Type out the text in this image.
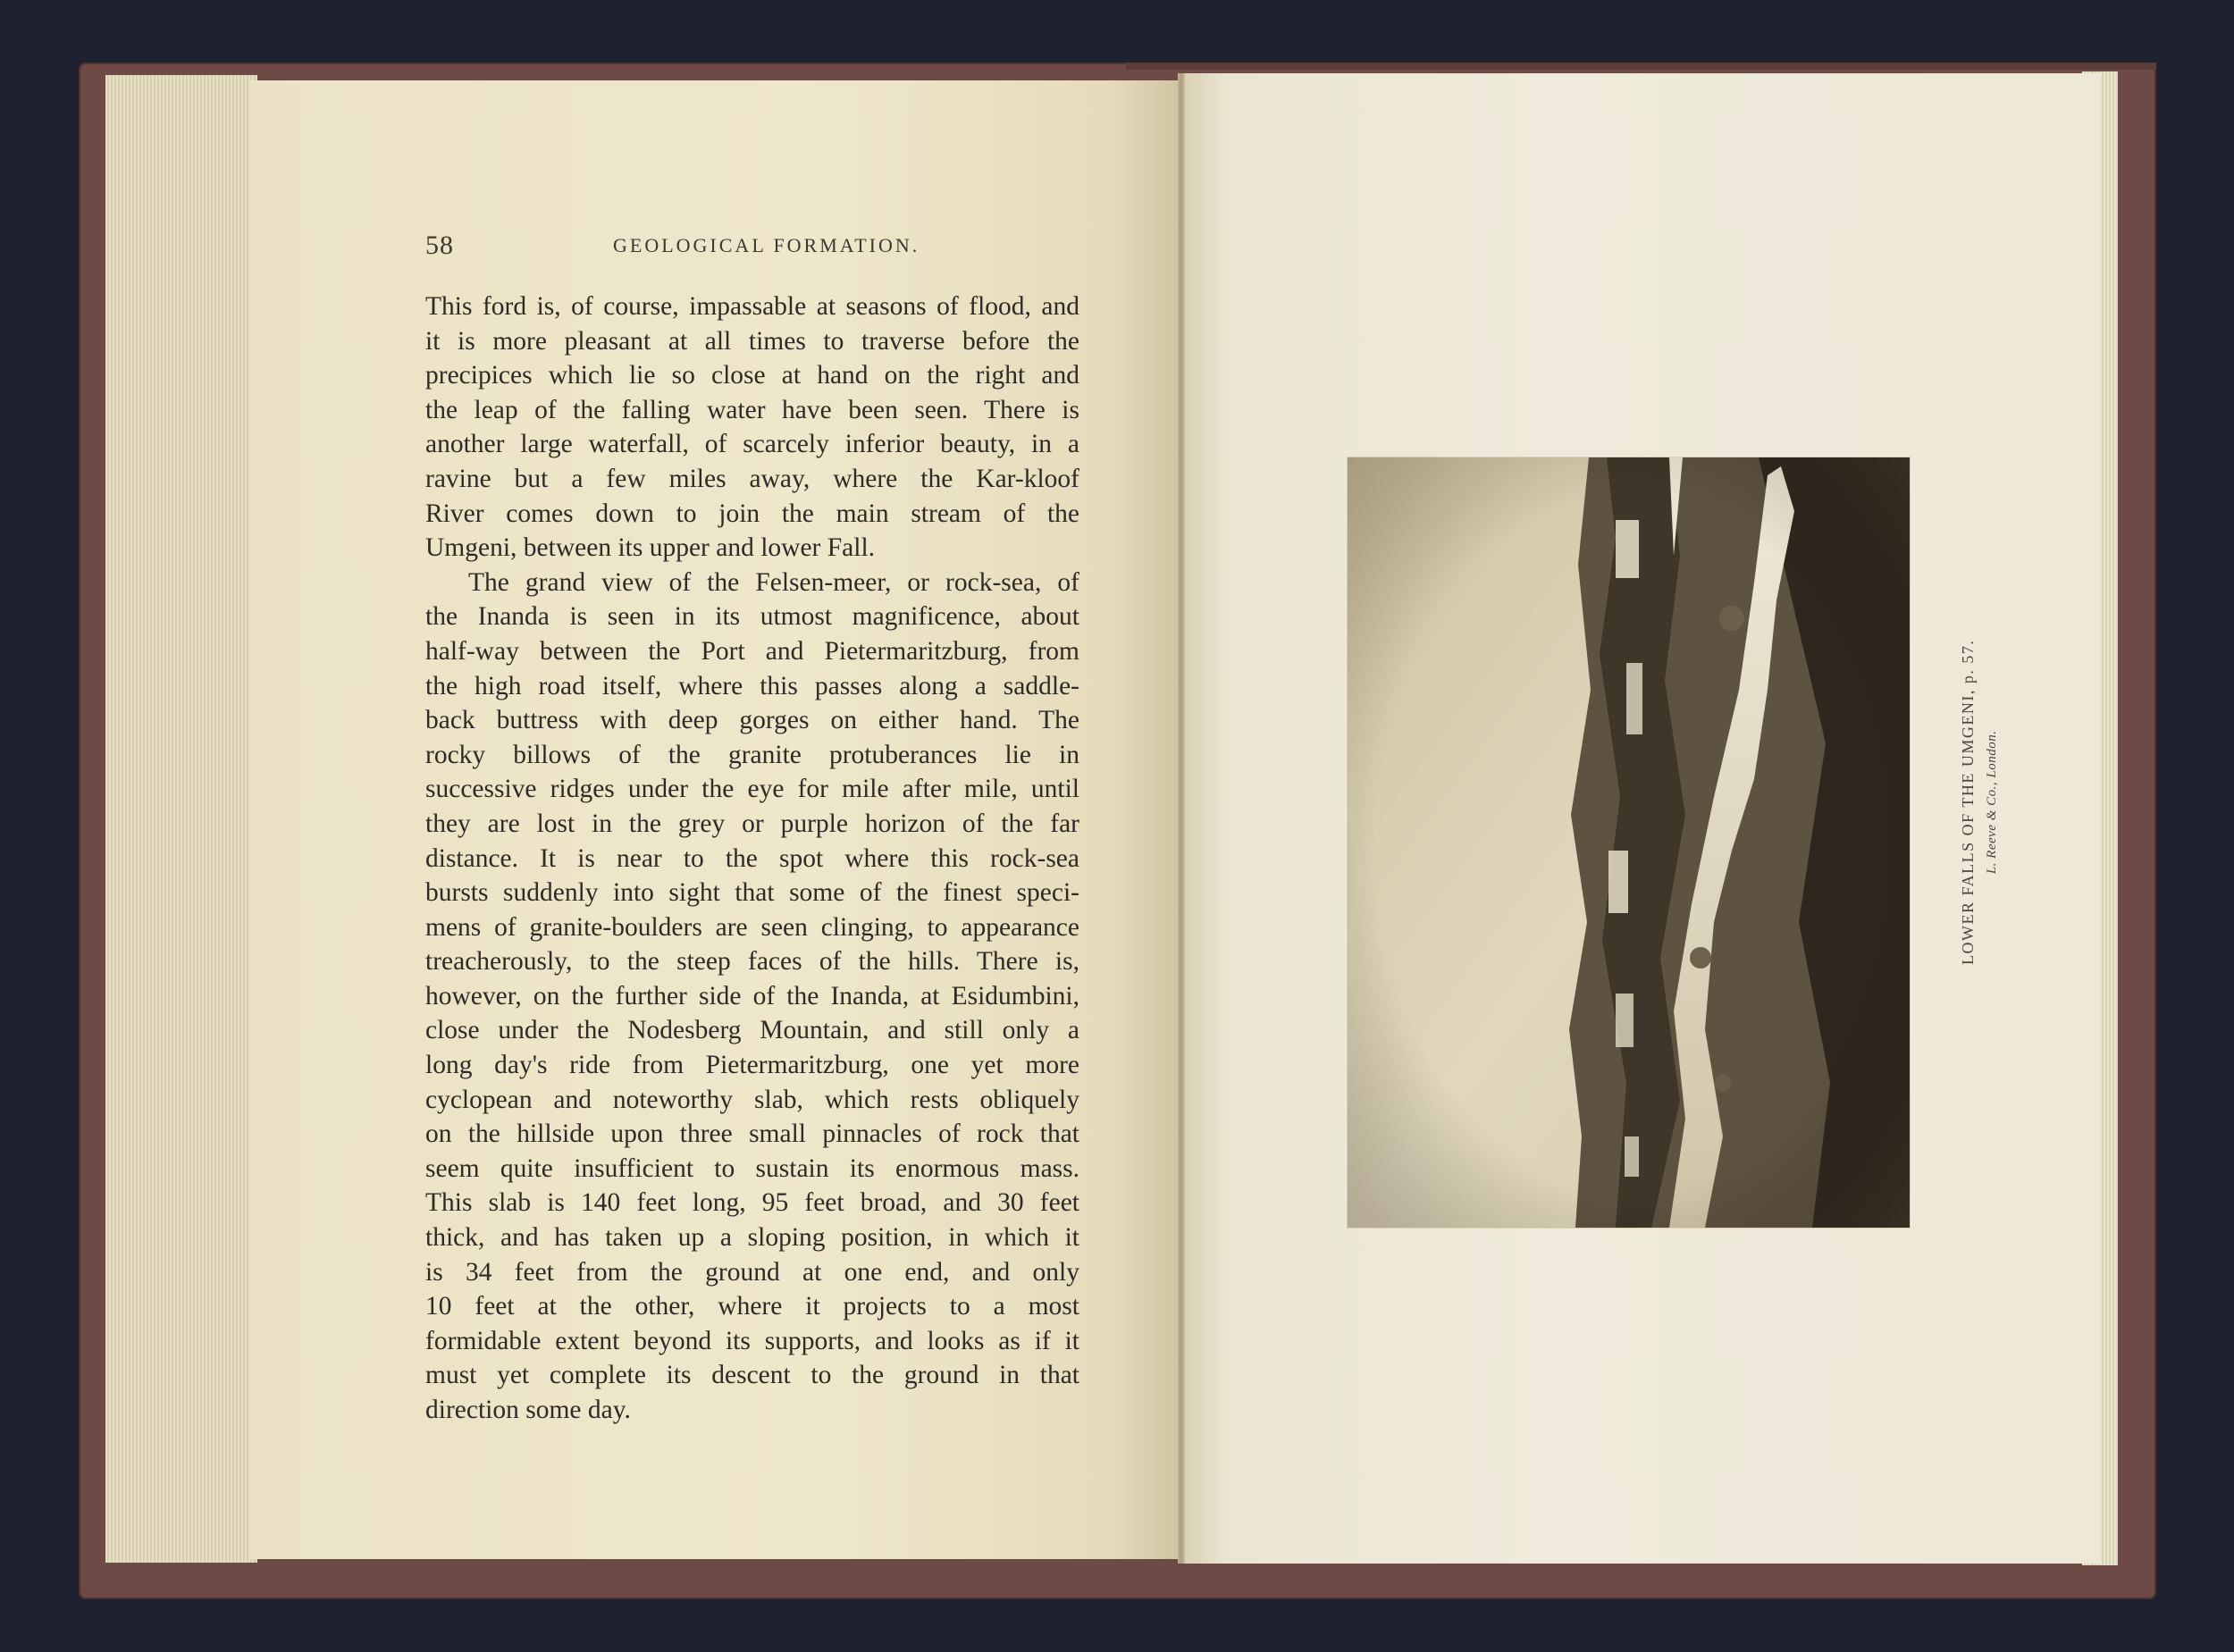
58	GEOLOGICAL FORMATION.
This ford is, of course, impassable at seasons of flood, and
it is more pleasant at all times to traverse before the
precipices which lie so close at hand on the right and
the leap of the falling water have been seen. There is
another large waterfall, of scarcely inferior beauty, in a
ravine but a few miles away, where the Kar-kloof
River comes down to join the main stream of the
Umgeni, between its upper and lower Fall.
The grand view of the Felsen-meer, or rock-sea, of
the Inanda is seen in its utmost magnificence, about
half-way between the Port and Pietermaritzburg, from
the high road itself, where this passes along a saddle-
back buttress with deep gorges on either hand. The
rocky billows of the granite protuberances lie in
successive ridges under the eye for mile after mile, until
they are lost in the grey or purple horizon of the far
distance. It is near to the spot where this rock-sea
bursts suddenly into sight that some of the finest speci-
mens of granite-boulders are seen clinging, to appearance
treacherously, to the steep faces of the hills. There is,
however, on the further side of the Inanda, at Esidumbini,
close under the Nodesberg Mountain, and still only a
long day's ride from Pietermaritzburg, one yet more
cyclopean and noteworthy slab, which rests obliquely
on the hillside upon three small pinnacles of rock that
seem quite insufficient to sustain its enormous mass.
This slab is 140 feet long, 95 feet broad, and 30 feet
thick, and has taken up a sloping position, in which it
is 34 feet from the ground at one end, and only
10 feet at the other, where it projects to a most
formidable extent beyond its supports, and looks as if it
must yet complete its descent to the ground in that
direction some day.
LOWER FALLS OF THE UMGENI, p. 57. L. Reeve & Co., London.
